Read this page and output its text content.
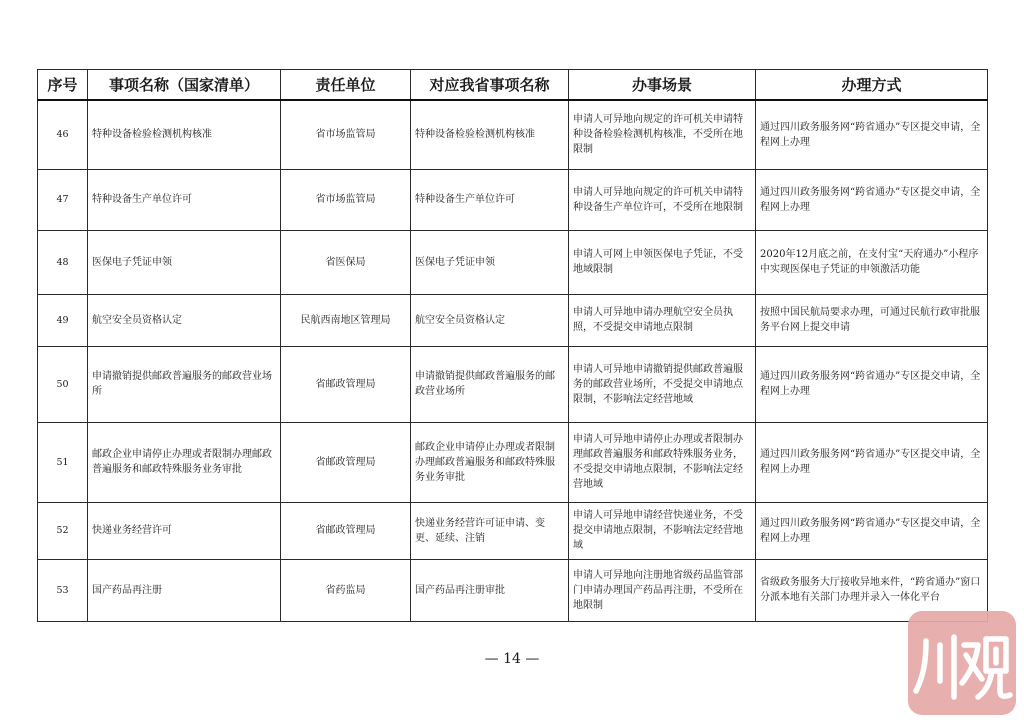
序号	事项名称（国家清单）	责任单位	对应我省事项名称	办事场景	办理方式
46	特种设备检验检测机构核准	省市场监管局	特种设备检验检测机构核准	申请人可异地向规定的许可机关申请特种设备检验检测机构核准，不受所在地限制	通过四川政务服务网“跨省通办”专区提交申请，全程网上办理
47	特种设备生产单位许可	省市场监管局	特种设备生产单位许可	申请人可异地向规定的许可机关申请特种设备生产单位许可，不受所在地限制	通过四川政务服务网“跨省通办”专区提交申请，全程网上办理
48	医保电子凭证申领	省医保局	医保电子凭证申领	申请人可网上申领医保电子凭证，不受地域限制	2020年12月底之前，在支付宝“天府通办”小程序中实现医保电子凭证的申领激活功能
49	航空安全员资格认定	民航西南地区管理局	航空安全员资格认定	申请人可异地申请办理航空安全员执照，不受提交申请地点限制	按照中国民航局要求办理，可通过民航行政审批服务平台网上提交申请
50	申请撤销提供邮政普遍服务的邮政营业场所	省邮政管理局	申请撤销提供邮政普遍服务的邮政营业场所	申请人可异地申请撤销提供邮政普遍服务的邮政营业场所，不受提交申请地点限制，不影响法定经营地域	通过四川政务服务网“跨省通办”专区提交申请，全程网上办理
51	邮政企业申请停止办理或者限制办理邮政普遍服务和邮政特殊服务业务审批	省邮政管理局	邮政企业申请停止办理或者限制办理邮政普遍服务和邮政特殊服务业务审批	申请人可异地申请停止办理或者限制办理邮政普遍服务和邮政特殊服务业务，不受提交申请地点限制，不影响法定经营地域	通过四川政务服务网“跨省通办”专区提交申请，全程网上办理
52	快递业务经营许可	省邮政管理局	快递业务经营许可证申请、变更、延续、注销	申请人可异地申请经营快递业务，不受提交申请地点限制，不影响法定经营地域	通过四川政务服务网“跨省通办”专区提交申请，全程网上办理
53	国产药品再注册	省药监局	国产药品再注册审批	申请人可异地向注册地省级药品监管部门申请办理国产药品再注册，不受所在地限制	省级政务服务大厅接收异地来件，“跨省通办”窗口分派本地有关部门办理并录入一体化平台
— 14 —
